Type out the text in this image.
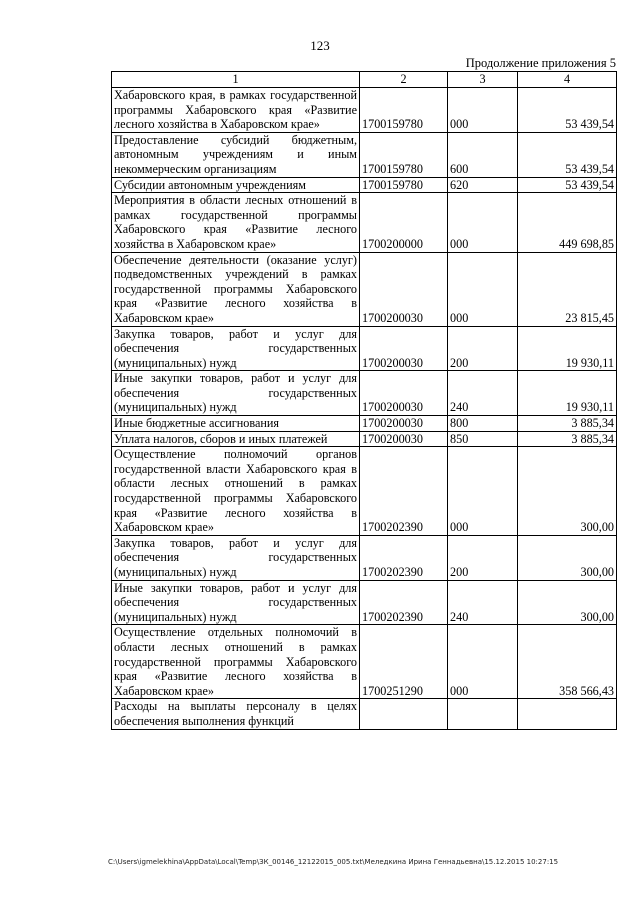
123
Продолжение приложения 5
1	2	3	4
Хабаровского края, в рамках государственной программы Хабаровского края «Развитие лесного хозяйства в Хабаровском крае»	1700159780	000	53 439,54
Предоставление субсидий бюджетным, автономным учреждениям и иным некоммерческим организациям	1700159780	600	53 439,54
Субсидии автономным учреждениям	1700159780	620	53 439,54
Мероприятия в области лесных отношений в рамках государственной программы Хабаровского края «Развитие лесного хозяйства в Хабаровском крае»	1700200000	000	449 698,85
Обеспечение деятельности (оказание услуг) подведомственных учреждений в рамках государственной программы Хабаровского края «Развитие лесного хозяйства в Хабаровском крае»	1700200030	000	23 815,45
Закупка товаров, работ и услуг для обеспечения государственных (муниципальных) нужд	1700200030	200	19 930,11
Иные закупки товаров, работ и услуг для обеспечения государственных (муниципальных) нужд	1700200030	240	19 930,11
Иные бюджетные ассигнования	1700200030	800	3 885,34
Уплата налогов, сборов и иных платежей	1700200030	850	3 885,34
Осуществление полномочий органов государственной власти Хабаровского края в области лесных отношений в рамках государственной программы Хабаровского края «Развитие лесного хозяйства в Хабаровском крае»	1700202390	000	300,00
Закупка товаров, работ и услуг для обеспечения государственных (муниципальных) нужд	1700202390	200	300,00
Иные закупки товаров, работ и услуг для обеспечения государственных (муниципальных) нужд	1700202390	240	300,00
Осуществление отдельных полномочий в области лесных отношений в рамках государственной программы Хабаровского края «Развитие лесного хозяйства в Хабаровском крае»	1700251290	000	358 566,43
Расходы на выплаты персоналу в целях обеспечения выполнения функций			
C:\Users\igmelekhina\AppData\Local\Temp\ЗК_00146_12122015_005.txt\Меледкина Ирина Геннадьевна\15.12.2015 10:27:15
